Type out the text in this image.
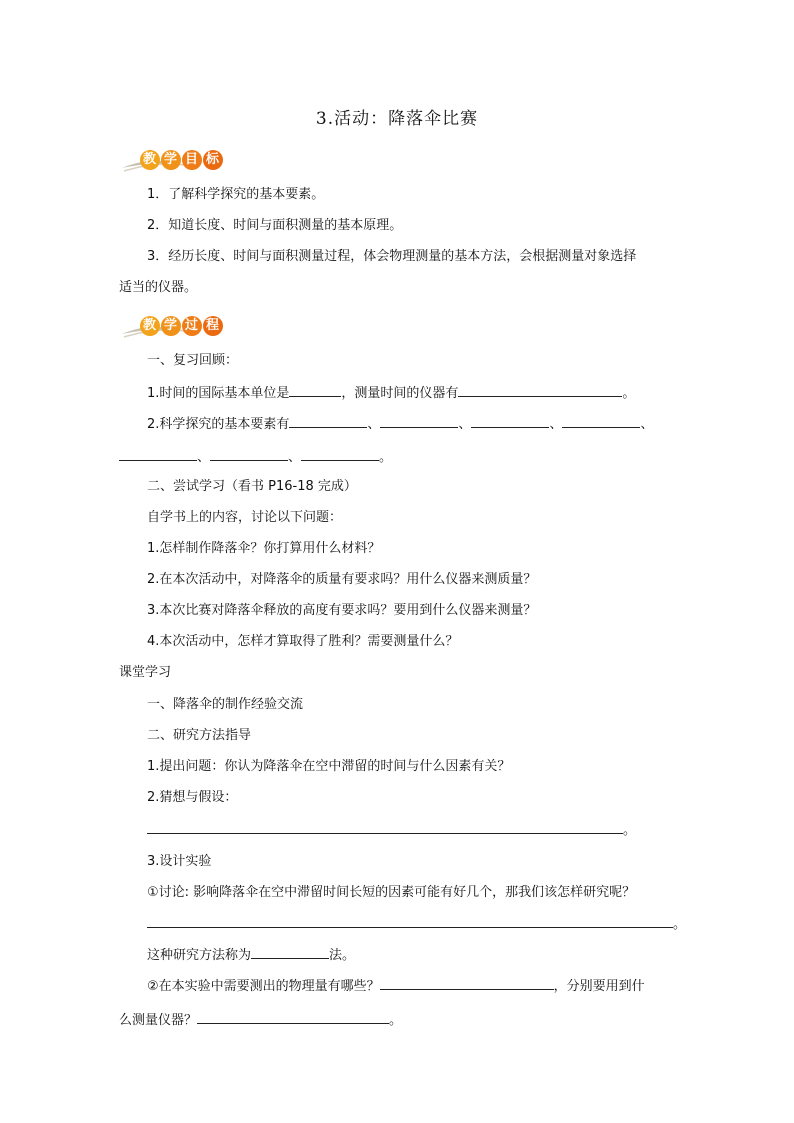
3.活动：降落伞比赛
教 学 目 标
1．了解科学探究的基本要素。
2．知道长度、时间与面积测量的基本原理。
3．经历长度、时间与面积测量过程，体会物理测量的基本方法，会根据测量对象选择
适当的仪器。
教 学 过 程
一、复习回顾：
1.时间的国际基本单位是	，测量时间的仪器有	。
2.科学探究的基本要素有	、	、	、	、
、	、	。
二、尝试学习（看书 P16-18 完成）
自学书上的内容，讨论以下问题：
1.怎样制作降落伞？你打算用什么材料？
2.在本次活动中，对降落伞的质量有要求吗？用什么仪器来测质量？
3.本次比赛对降落伞释放的高度有要求吗？要用到什么仪器来测量？
4.本次活动中，怎样才算取得了胜利？需要测量什么？
课堂学习
一、降落伞的制作经验交流
二、研究方法指导
1.提出问题：你认为降落伞在空中滞留的时间与什么因素有关？
2.猜想与假设：
。
3.设计实验
①讨论: 影响降落伞在空中滞留时间长短的因素可能有好几个，那我们该怎样研究呢？
。
这种研究方法称为	法。
②在本实验中需要测出的物理量有哪些？	，分别要用到什
么测量仪器？	。
